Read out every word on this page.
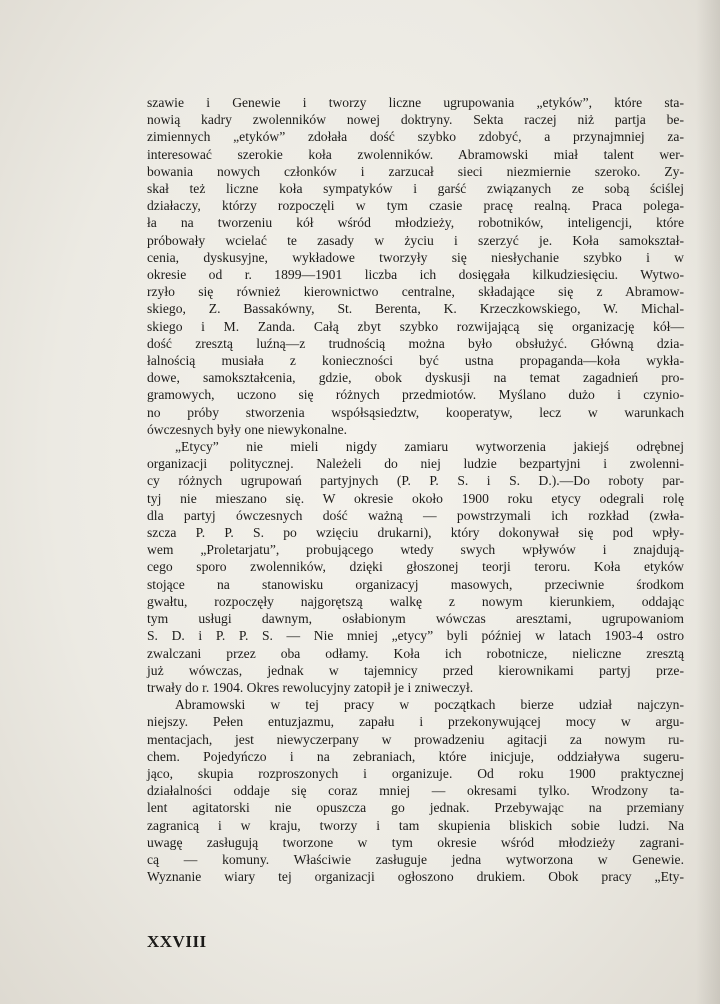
szawie i Genewie i tworzy liczne ugrupowania „etyków”, które sta-
nowią kadry zwolenników nowej doktryny. Sekta raczej niż partja be-
zimiennych „etyków” zdołała dość szybko zdobyć, a przynajmniej za-
interesować szerokie koła zwolenników. Abramowski miał talent wer-
bowania nowych członków i zarzucał sieci niezmiernie szeroko. Zy-
skał też liczne koła sympatyków i garść związanych ze sobą ściślej
działaczy, którzy rozpoczęli w tym czasie pracę realną. Praca polega-
ła na tworzeniu kół wśród młodzieży, robotników, inteligencji, które
próbowały wcielać te zasady w życiu i szerzyć je. Koła samokształ-
cenia, dyskusyjne, wykładowe tworzyły się niesłychanie szybko i w
okresie od r. 1899—1901 liczba ich dosięgała kilkudziesięciu. Wytwo-
rzyło się również kierownictwo centralne, składające się z Abramow-
skiego, Z. Bassakówny, St. Berenta, K. Krzeczkowskiego, W. Michal-
skiego i M. Zanda. Całą zbyt szybko rozwijającą się organizację kół—
dość zresztą luźną—z trudnością można było obsłużyć. Główną dzia-
łalnością musiała z konieczności być ustna propaganda—koła wykła-
dowe, samokształcenia, gdzie, obok dyskusji na temat zagadnień pro-
gramowych, uczono się różnych przedmiotów. Myślano dużo i czynio-
no próby stworzenia współsąsiedztw, kooperatyw, lecz w warunkach
ówczesnych były one niewykonalne.
„Etycy” nie mieli nigdy zamiaru wytworzenia jakiejś odrębnej
organizacji politycznej. Należeli do niej ludzie bezpartyjni i zwolenni-
cy różnych ugrupowań partyjnych (P. P. S. i S. D.).—Do roboty par-
tyj nie mieszano się. W okresie około 1900 roku etycy odegrali rolę
dla partyj ówczesnych dość ważną — powstrzymali ich rozkład (zwła-
szcza P. P. S. po wzięciu drukarni), który dokonywał się pod wpły-
wem „Proletarjatu”, probującego wtedy swych wpływów i znajdują-
cego sporo zwolenników, dzięki głoszonej teorji teroru. Koła etyków
stojące na stanowisku organizacyj masowych, przeciwnie środkom
gwałtu, rozpoczęły najgorętszą walkę z nowym kierunkiem, oddając
tym usługi dawnym, osłabionym wówczas aresztami, ugrupowaniom
S. D. i P. P. S. — Nie mniej „etycy” byli później w latach 1903-4 ostro
zwalczani przez oba odłamy. Koła ich robotnicze, nieliczne zresztą
już wówczas, jednak w tajemnicy przed kierownikami partyj prze-
trwały do r. 1904. Okres rewolucyjny zatopił je i zniweczył.
Abramowski w tej pracy w początkach bierze udział najczyn-
niejszy. Pełen entuzjazmu, zapału i przekonywującej mocy w argu-
mentacjach, jest niewyczerpany w prowadzeniu agitacji za nowym ru-
chem. Pojedyńczo i na zebraniach, które inicjuje, oddziaływa sugeru-
jąco, skupia rozproszonych i organizuje. Od roku 1900 praktycznej
działalności oddaje się coraz mniej — okresami tylko. Wrodzony ta-
lent agitatorski nie opuszcza go jednak. Przebywając na przemiany
zagranicą i w kraju, tworzy i tam skupienia bliskich sobie ludzi. Na
uwagę zasługują tworzone w tym okresie wśród młodzieży zagrani-
cą — komuny. Właściwie zasługuje jedna wytworzona w Genewie.
Wyznanie wiary tej organizacji ogłoszono drukiem. Obok pracy „Ety-
XXVIII
